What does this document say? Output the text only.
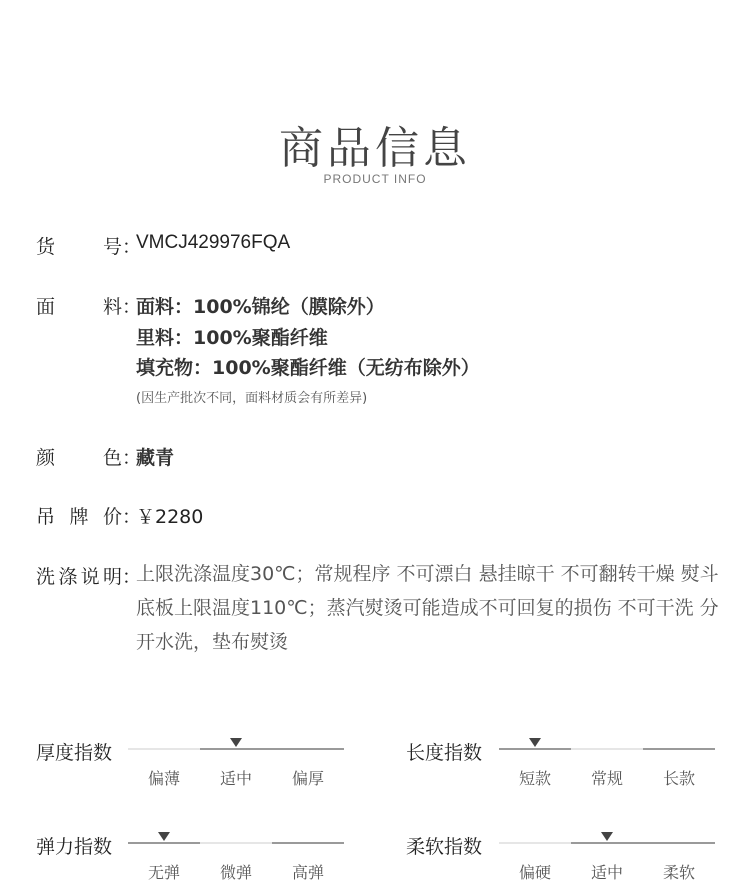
商品信息
PRODUCT INFO
货	号 ：
VMCJ429976FQA
面	料 ：
面料：100%锦纶（膜除外）
里料：100%聚酯纤维
填充物：100%聚酯纤维（无纺布除外）
(因生产批次不同，面料材质会有所差异)
颜	色 ：
藏青
吊 牌 价 ：
￥2280
洗 涤 说 明 ：
上限洗涤温度30℃；常规程序 不可漂白 悬挂晾干 不可翻转干燥 熨斗底板上限温度110℃；蒸汽熨烫可能造成不可回复的损伤 不可干洗 分开水洗，垫布熨烫
厚度指数
偏薄	适中	偏厚
长度指数
短款	常规	长款
弹力指数
无弹	微弹	高弹
柔软指数
偏硬	适中	柔软
